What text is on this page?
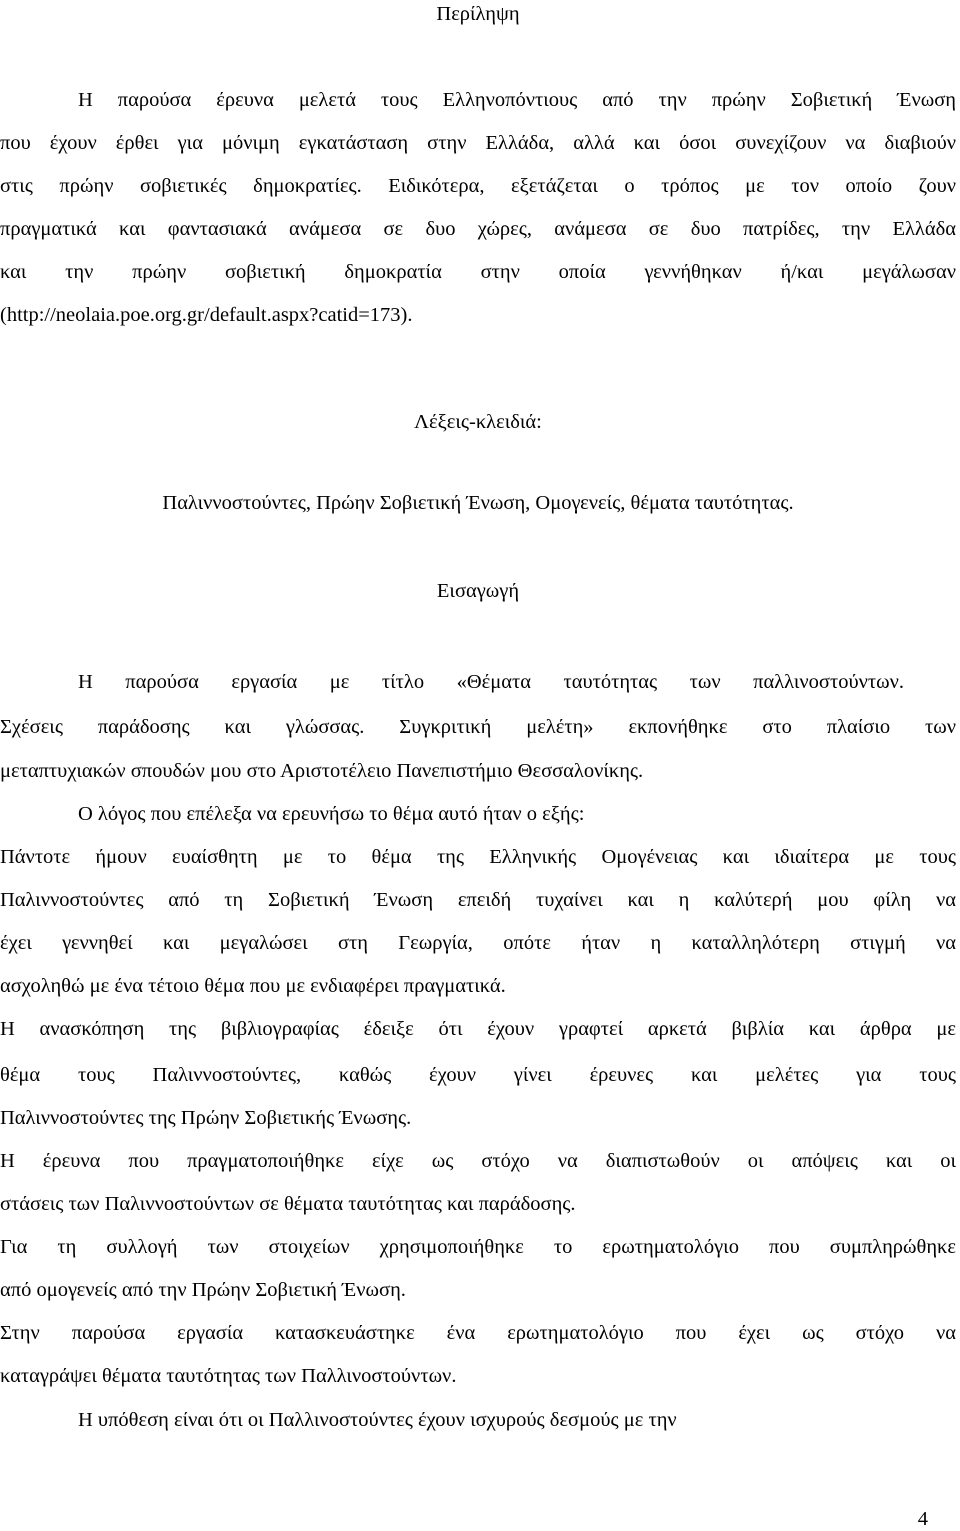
Περίληψη
Η παρούσα έρευνα μελετά τους Ελληνοπόντιους από την πρώην Σοβιετική Ένωση
που έχουν έρθει για μόνιμη εγκατάσταση στην Ελλάδα, αλλά και όσοι συνεχίζουν να διαβιούν
στις πρώην σοβιετικές δημοκρατίες. Ειδικότερα, εξετάζεται ο τρόπος με τον οποίο ζουν
πραγματικά και φαντασιακά ανάμεσα σε δυο χώρες, ανάμεσα σε δυο πατρίδες, την Ελλάδα
και την πρώην σοβιετική δημοκρατία στην οποία γεννήθηκαν ή/και μεγάλωσαν
(http://neolaia.poe.org.gr/default.aspx?catid=173).
Λέξεις-κλειδιά:
Παλιννοστούντες, Πρώην Σοβιετική Ένωση, Ομογενείς, θέματα ταυτότητας.
Εισαγωγή
Η παρούσα εργασία με τίτλο «Θέματα ταυτότητας των παλλινοστούντων.
Σχέσεις παράδοσης και γλώσσας. Συγκριτική μελέτη» εκπονήθηκε στο πλαίσιο των
μεταπτυχιακών σπουδών μου στο Αριστοτέλειο Πανεπιστήμιο Θεσσαλονίκης.
Ο λόγος που επέλεξα να ερευνήσω το θέμα αυτό ήταν ο εξής:
Πάντοτε ήμουν ευαίσθητη με το θέμα της Ελληνικής Ομογένειας και ιδιαίτερα με τους
Παλιννοστούντες από τη Σοβιετική Ένωση επειδή τυχαίνει και η καλύτερή μου φίλη να
έχει γεννηθεί και μεγαλώσει στη Γεωργία, οπότε ήταν η καταλληλότερη στιγμή να
ασχοληθώ με ένα τέτοιο θέμα που με ενδιαφέρει πραγματικά.
Η ανασκόπηση της βιβλιογραφίας έδειξε ότι έχουν γραφτεί αρκετά βιβλία και άρθρα με
θέμα τους Παλιννοστούντες, καθώς έχουν γίνει έρευνες και μελέτες για τους
Παλιννοστούντες της Πρώην Σοβιετικής Ένωσης.
Η έρευνα που πραγματοποιήθηκε είχε ως στόχο να διαπιστωθούν οι απόψεις και οι
στάσεις των Παλιννοστούντων σε θέματα ταυτότητας και παράδοσης.
Για τη συλλογή των στοιχείων χρησιμοποιήθηκε το ερωτηματολόγιο που συμπληρώθηκε
από ομογενείς από την Πρώην Σοβιετική Ένωση.
Στην παρούσα εργασία κατασκευάστηκε ένα ερωτηματολόγιο που έχει ως στόχο να
καταγράψει θέματα ταυτότητας των Παλλινοστούντων.
Η υπόθεση είναι ότι οι Παλλινοστούντες έχουν ισχυρούς δεσμούς με την
4
